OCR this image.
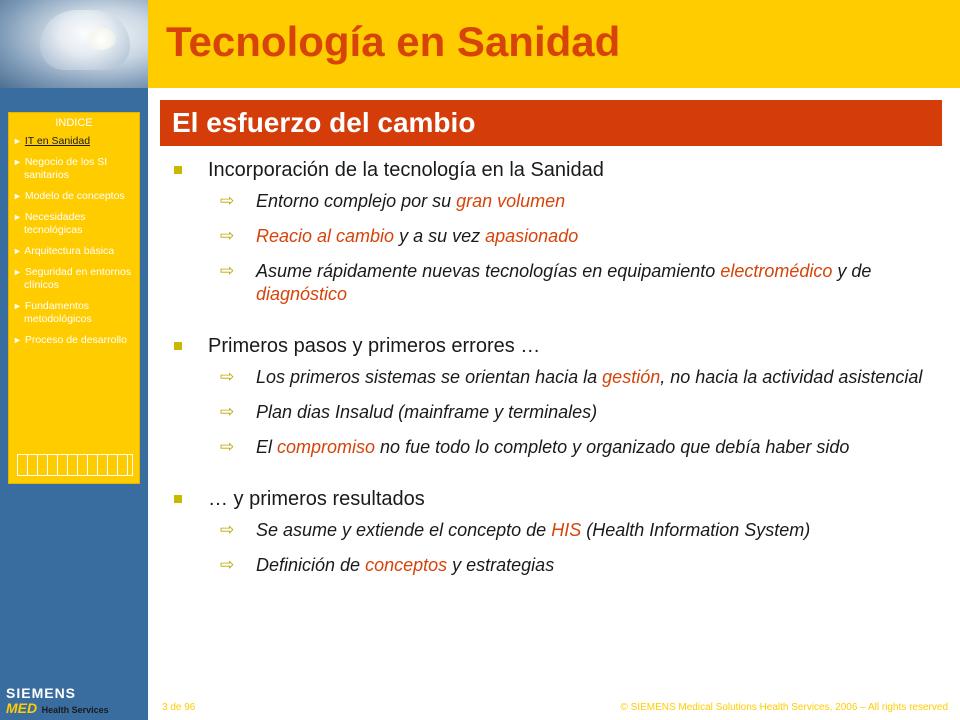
Tecnología en Sanidad
El esfuerzo del cambio
INDICE
► IT en Sanidad
► Negocio de los SI sanitarios
► Modelo de conceptos
► Necesidades tecnológicas
► Arquitectura básica
► Seguridad en entornos clínicos
► Fundamentos metodológicos
► Proceso de desarrollo
Incorporación de la tecnología en la Sanidad
⇨ Entorno complejo por su gran volumen
⇨ Reacio al cambio y a su vez apasionado
⇨ Asume rápidamente nuevas tecnologías en equipamiento electromédico y de diagnóstico
Primeros pasos y primeros errores …
⇨ Los primeros sistemas se orientan hacia la gestión, no hacia la actividad asistencial
⇨ Plan dias Insalud (mainframe y terminales)
⇨ El compromiso no fue todo lo completo y organizado que debía haber sido
… y primeros resultados
⇨ Se asume y extiende el concepto de HIS (Health Information System)
⇨ Definición de conceptos y estrategias
SIEMENS
MED Health Services	3 de 96	© SIEMENS Medical Solutions Health Services, 2006 – All rights reserved
